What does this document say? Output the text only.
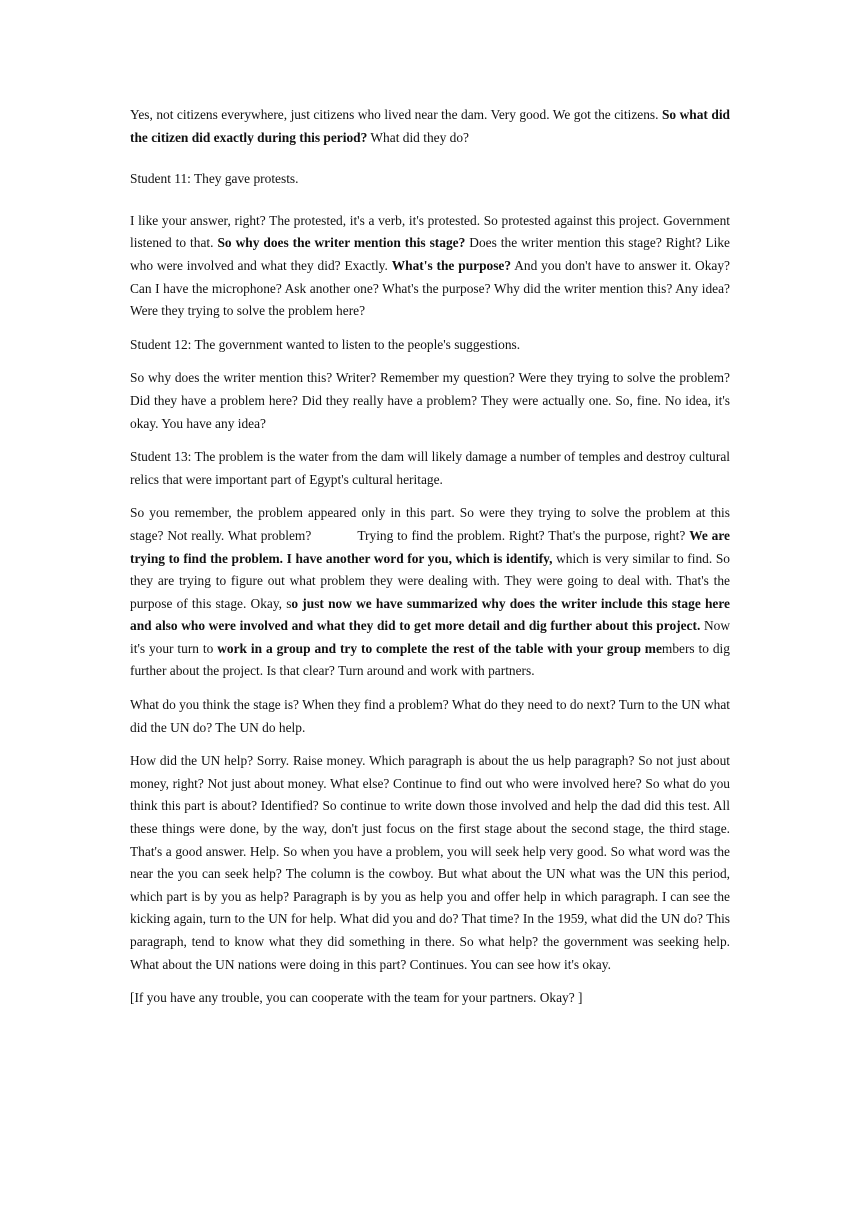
Yes, not citizens everywhere, just citizens who lived near the dam. Very good. We got the citizens. So what did the citizen did exactly during this period? What did they do?

Student 11: They gave protests.

I like your answer, right? The protested, it's a verb, it's protested. So protested against this project. Government listened to that. So why does the writer mention this stage? Does the writer mention this stage? Right? Like who were involved and what they did? Exactly. What's the purpose? And you don't have to answer it. Okay? Can I have the microphone? Ask another one? What's the purpose? Why did the writer mention this? Any idea? Were they trying to solve the problem here?

Student 12: The government wanted to listen to the people's suggestions.

So why does the writer mention this? Writer? Remember my question? Were they trying to solve the problem? Did they have a problem here? Did they really have a problem? They were actually one. So, fine. No idea, it's okay. You have any idea?

Student 13: The problem is the water from the dam will likely damage a number of temples and destroy cultural relics that were important part of Egypt's cultural heritage.

So you remember, the problem appeared only in this part. So were they trying to solve the problem at this stage? Not really. What problem?            Trying to find the problem. Right? That's the purpose, right? We are trying to find the problem. I have another word for you, which is identify, which is very similar to find. So they are trying to figure out what problem they were dealing with. They were going to deal with. That's the purpose of this stage. Okay, so just now we have summarized why does the writer include this stage here and also who were involved and what they did to get more detail and dig further about this project. Now it's your turn to work in a group and try to complete the rest of the table with your group members to dig further about the project. Is that clear? Turn around and work with partners.

What do you think the stage is? When they find a problem? What do they need to do next? Turn to the UN what did the UN do? The UN do help.

How did the UN help? Sorry. Raise money. Which paragraph is about the us help paragraph? So not just about money, right? Not just about money. What else? Continue to find out who were involved here? So what do you think this part is about? Identified? So continue to write down those involved and help the dad did this test. All these things were done, by the way, don't just focus on the first stage about the second stage, the third stage. That's a good answer. Help. So when you have a problem, you will seek help very good. So what word was the near the you can seek help? The column is the cowboy. But what about the UN what was the UN this period, which part is by you as help? Paragraph is by you as help you and offer help in which paragraph. I can see the kicking again, turn to the UN for help. What did you and do? That time? In the 1959, what did the UN do? This paragraph, tend to know what they did something in there. So what help? the government was seeking help. What about the UN nations were doing in this part? Continues. You can see how it's okay.

[If you have any trouble, you can cooperate with the team for your partners. Okay? ]
